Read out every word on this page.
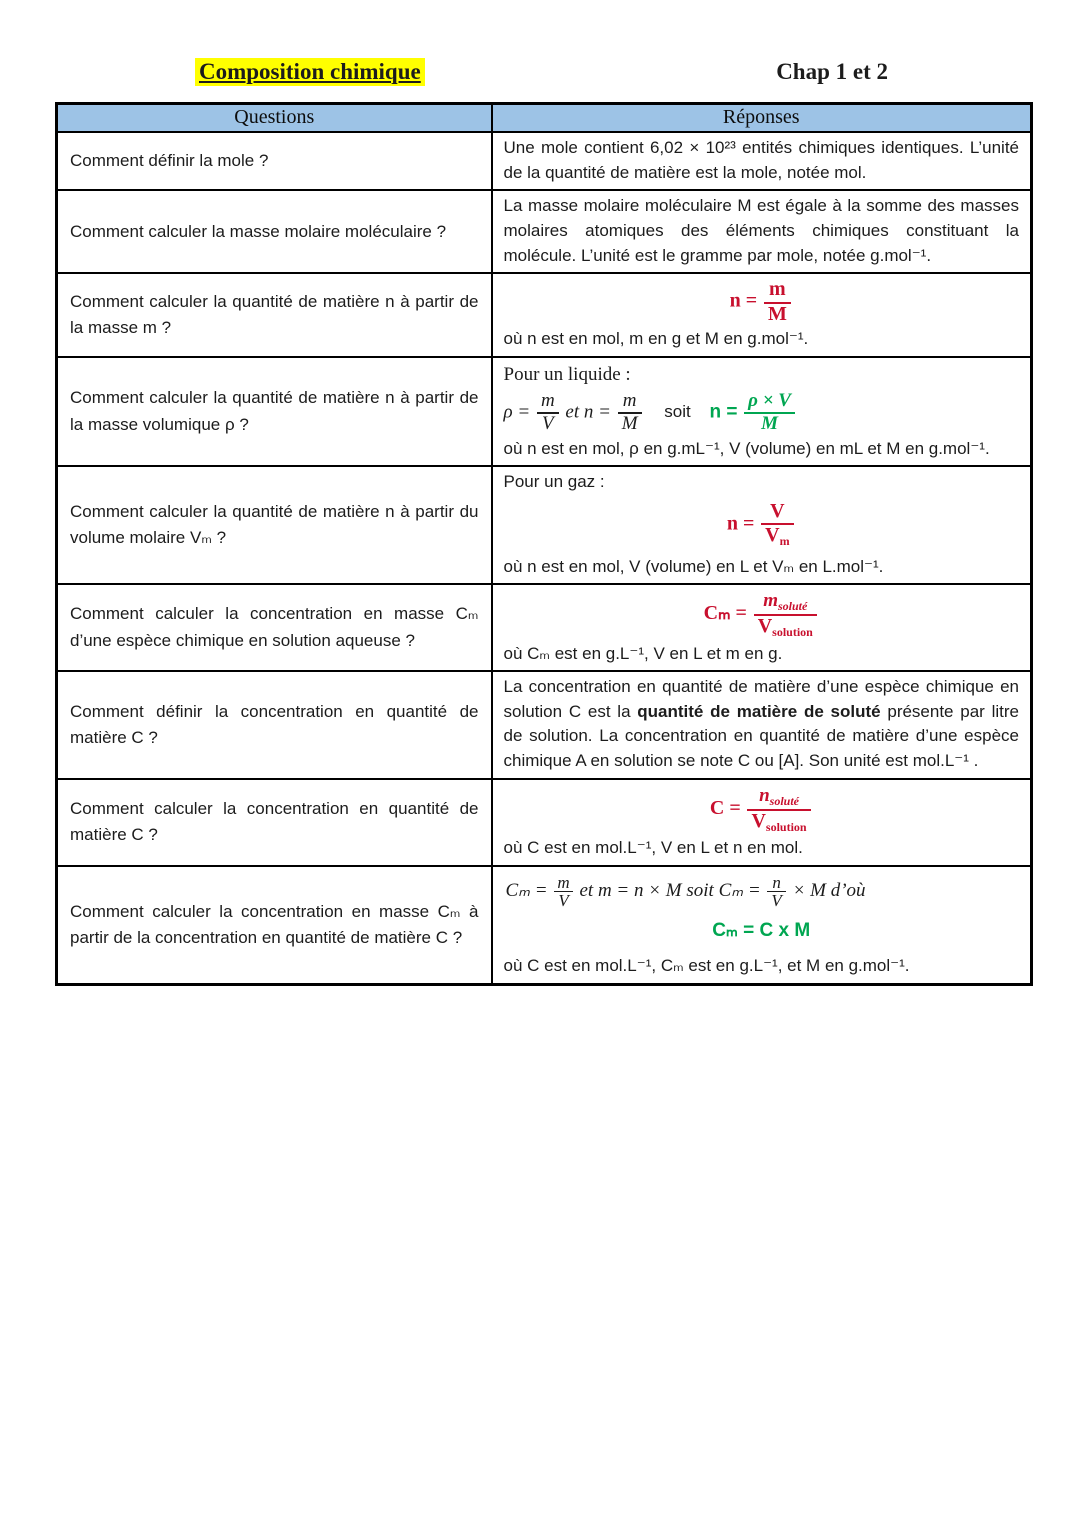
Composition chimique	Chap 1 et 2
Questions	Réponses
Comment définir la mole ?	Une mole contient 6,02 × 10²³ entités chimiques identiques. L’unité de la quantité de matière est la mole, notée mol.

Comment calculer la masse molaire moléculaire ?	La masse molaire moléculaire M est égale à la somme des masses molaires atomiques des éléments chimiques constituant la molécule. L’unité est le gramme par mole, notée g.mol⁻¹.

Comment calculer la quantité de matière n à partir de la masse m ?	$n = \frac{m}{M}$
où n est en mol, m en g et M en g.mol⁻¹.

Comment calculer la quantité de matière n à partir de la masse volumique ρ ?	
Pour un liquide :
$\rho = \frac{m}{V}$ et $n = \frac{m}{M}$ soit $n = \frac{\rho \times V}{M}$
où n est en mol, ρ en g.mL⁻¹, V (volume) en mL et M en g.mol⁻¹.

Comment calculer la quantité de matière n à partir du volume molaire Vₘ ?	Pour un gaz :
$n = \frac{V}{V_m}$
où n est en mol, V (volume) en L et Vₘ en L.mol⁻¹.

Comment calculer la concentration en masse Cₘ d’une espèce chimique en solution aqueuse ?	$C_m = \frac{m_{soluté}}{V_{solution}}$
où Cₘ est en g.L⁻¹, V en L et m en g.

Comment définir la concentration en quantité de matière C ?	La concentration en quantité de matière d’une espèce chimique en solution C est la quantité de matière de soluté présente par litre de solution. La concentration en quantité de matière d’une espèce chimique A en solution se note C ou [A]. Son unité est mol.L⁻¹ .

Comment calculer la concentration en quantité de matière C ?	$C = \frac{n_{soluté}}{V_{solution}}$
où C est en mol.L⁻¹, V en L et n en mol.

Comment calculer la concentration en masse Cₘ à partir de la concentration en quantité de matière C ?	
$C_m = \frac{m}{V}$ et m = n × M soit $C_m = \frac{n}{V} \times M$ d’où
Cₘ = C x M
où C est en mol.L⁻¹, Cₘ est en g.L⁻¹, et M en g.mol⁻¹.
